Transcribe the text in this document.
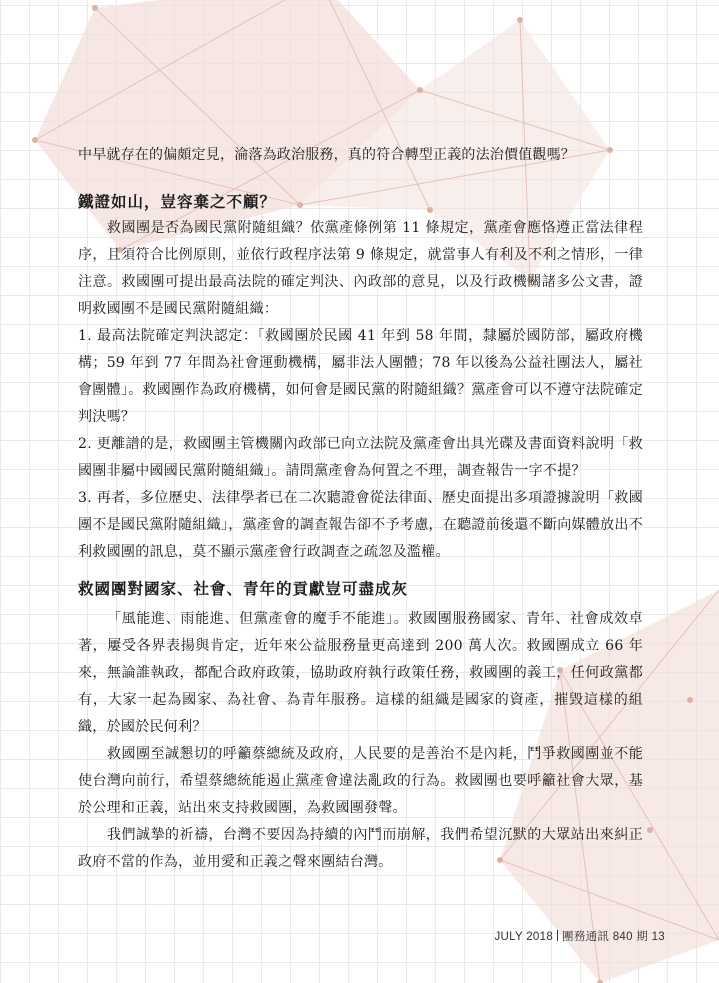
中早就存在的偏頗定見，淪落為政治服務，真的符合轉型正義的法治價值觀嗎？

鐵證如山，豈容棄之不顧？

救國團是否為國民黨附隨組織？依黨產條例第 11 條規定，黨產會應恪遵正當法律程序，且須符合比例原則，並依行政程序法第 9 條規定，就當事人有利及不利之情形，一律注意。救國團可提出最高法院的確定判決、內政部的意見，以及行政機關諸多公文書，證明救國團不是國民黨附隨組織：

1. 最高法院確定判決認定：「救國團於民國 41 年到 58 年間，隸屬於國防部，屬政府機構；59 年到 77 年間為社會運動機構，屬非法人團體；78 年以後為公益社團法人，屬社會團體」。救國團作為政府機構，如何會是國民黨的附隨組織？黨產會可以不遵守法院確定判決嗎？

2. 更離譜的是，救國團主管機關內政部已向立法院及黨產會出具光碟及書面資料說明「救國團非屬中國國民黨附隨組織」。請問黨產會為何置之不理，調查報告一字不提？

3. 再者，多位歷史、法律學者已在二次聽證會從法律面、歷史面提出多項證據說明「救國團不是國民黨附隨組織」，黨產會的調查報告卻不予考慮，在聽證前後還不斷向媒體放出不利救國團的訊息，莫不顯示黨產會行政調查之疏忽及濫權。

救國團對國家、社會、青年的貢獻豈可盡成灰

「風能進、雨能進、但黨產會的魔手不能進」。救國團服務國家、青年、社會成效卓著，屢受各界表揚與肯定，近年來公益服務量更高達到 200 萬人次。救國團成立 66 年來，無論誰執政，都配合政府政策，協助政府執行政策任務，救國團的義工，任何政黨都有，大家一起為國家、為社會、為青年服務。這樣的組織是國家的資產，摧毀這樣的組織，於國於民何利？

救國團至誠懇切的呼籲蔡總統及政府，人民要的是善治不是內耗，鬥爭救國團並不能使台灣向前行，希望蔡總統能遏止黨產會違法亂政的行為。救國團也要呼籲社會大眾，基於公理和正義，站出來支持救國團，為救國團發聲。

我們誠摯的祈禱，台灣不要因為持續的內鬥而崩解，我們希望沉默的大眾站出來糾正政府不當的作為，並用愛和正義之聲來團結台灣。

JULY 2018 團務通訊 840 期 13
